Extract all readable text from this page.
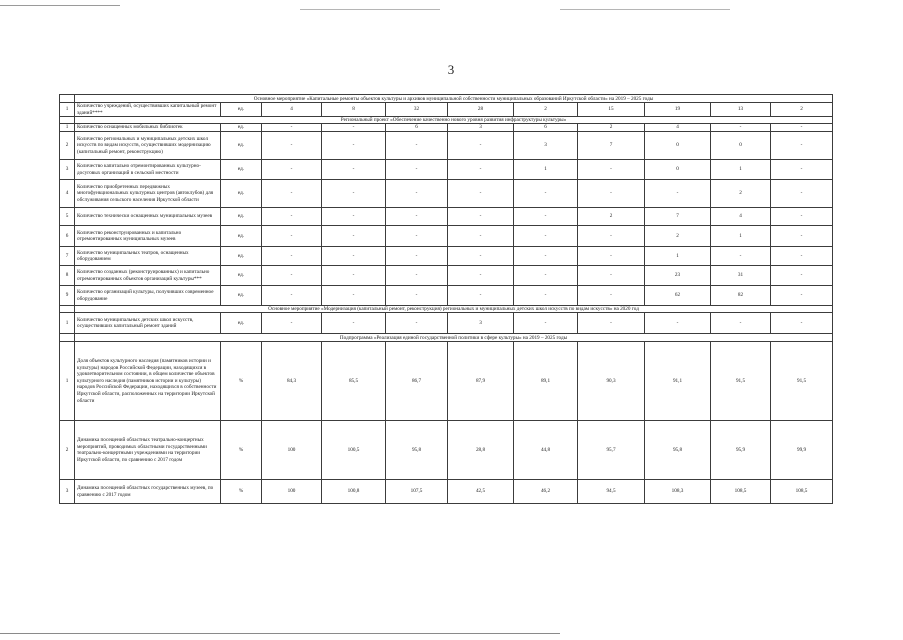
3
	Основное мероприятие «Капитальные ремонты объектов культуры и архивов муниципальной собственности муниципальных образований Иркутской области» на 2019 – 2025 годы										
1	Количество учреждений, осуществивших капитальный ремонт зданий****	ед.	4	8	32	28	2	15	19	13	2
	Региональный проект «Обеспечение качественно нового уровня развития инфраструктуры культуры»										
1	Количество оснащенных мобильных библиотек	ед.	-	-	6	3	6	2	4	-	-
2	Количество региональных и муниципальных детских школ искусств по видам искусств, осуществивших модернизацию (капитальный ремонт, реконструкцию)	ед.	-	-	-	-	3	7	0	0	-
3	Количество капитально отремонтированных культурно-досуговых организаций в сельской местности	ед.	-	-	-	-	1	-	0	1	-
4	Количество приобретенных передвижных многофункциональных культурных центров (автоклубов) для обслуживания сельского населения Иркутской области	ед.	-	-	-	-	-	-	-	2	-
5	Количество технически оснащенных муниципальных музеев	ед.	-	-	-	-	-	2	7	4	-
6	Количество реконструированных и капитально отремонтированных муниципальных музеев	ед.	-	-	-	-	-	-	2	1	-
7	Количество муниципальных театров, оснащенных оборудованием	ед.	-	-	-	-	-	-	1	-	-
8	Количество созданных (реконструированных) и капитально отремонтированных объектов организаций культуры***	ед.	-	-	-	-	-	-	23	31	-
9	Количество организаций культуры, получивших современное оборудование	ед.	-	-	-	-	-	-	62	82	-
	Основное мероприятие «Модернизация (капитальный ремонт, реконструкция) региональных и муниципальных детских школ искусств по видам искусств» на 2020 год										
1	Количество муниципальных детских школ искусств, осуществивших капитальный ремонт зданий	ед.	-	-	-	3	-	-	-	-	-
	Подпрограмма «Реализация единой государственной политики в сфере культуры» на 2019 – 2025 годы										
1	Доля объектов культурного наследия (памятников истории и культуры) народов Российской Федерации, находящихся в удовлетворительном состоянии, в общем количестве объектов культурного наследия (памятников истории и культуры) народов Российской Федерации, находящихся в собственности Иркутской области, расположенных на территории Иркутской области	%	84,3	85,5	86,7	87,9	89,1	90,3	91,1	91,5	91,5
2	Динамика посещений областных театрально-концертных мероприятий, проводимых областными государственными театрально-концертными учреждениями на территории Иркутской области, по сравнению с 2017 годом	%	100	100,5	95,8	28,8	44,8	95,7	95,8	95,9	99,9
3	Динамика посещений областных государственных музеев, по сравнению с 2017 годом	%	100	100,8	107,5	42,5	46,2	94,5	108,3	108,5	108,5
